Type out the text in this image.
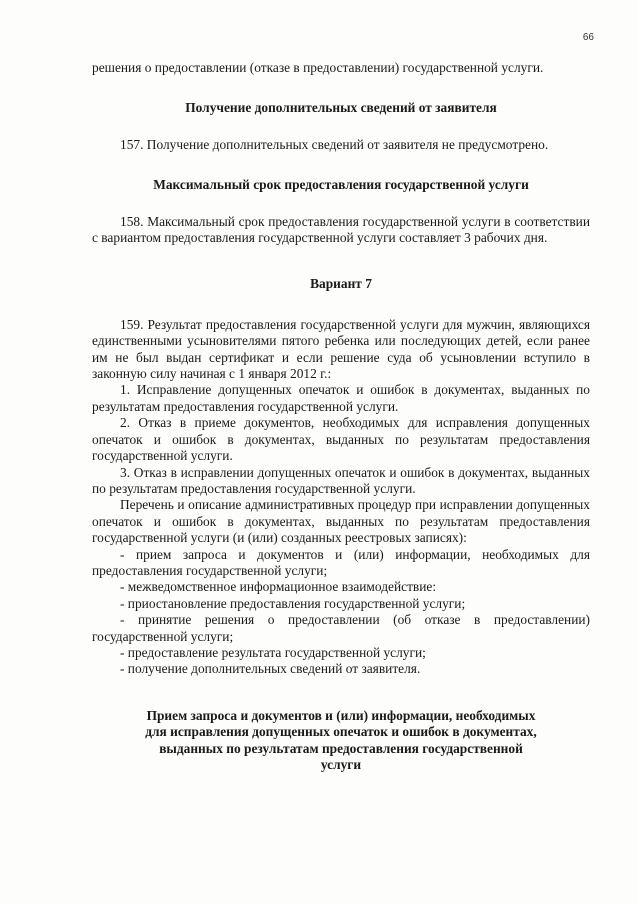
66

решения о предоставлении (отказе в предоставлении) государственной услуги.

Получение дополнительных сведений от заявителя

157. Получение дополнительных сведений от заявителя не предусмотрено.

Максимальный срок предоставления государственной услуги

158. Максимальный срок предоставления государственной услуги в соответствии с вариантом предоставления государственной услуги составляет 3 рабочих дня.

Вариант 7

159. Результат предоставления государственной услуги для мужчин, являющихся единственными усыновителями пятого ребенка или последующих детей, если ранее им не был выдан сертификат и если решение суда об усыновлении вступило в законную силу начиная с 1 января 2012 г.:

1. Исправление допущенных опечаток и ошибок в документах, выданных по результатам предоставления государственной услуги.

2. Отказ в приеме документов, необходимых для исправления допущенных опечаток и ошибок в документах, выданных по результатам предоставления государственной услуги.

3. Отказ в исправлении допущенных опечаток и ошибок в документах, выданных по результатам предоставления государственной услуги.

Перечень и описание административных процедур при исправлении допущенных опечаток и ошибок в документах, выданных по результатам предоставления государственной услуги (и (или) созданных реестровых записях):

- прием запроса и документов и (или) информации, необходимых для предоставления государственной услуги;

- межведомственное информационное взаимодействие:

- приостановление предоставления государственной услуги;

- принятие решения о предоставлении (об отказе в предоставлении) государственной услуги;

- предоставление результата государственной услуги;

- получение дополнительных сведений от заявителя.

Прием запроса и документов и (или) информации, необходимых
для исправления допущенных опечаток и ошибок в документах,
выданных по результатам предоставления государственной
услуги
